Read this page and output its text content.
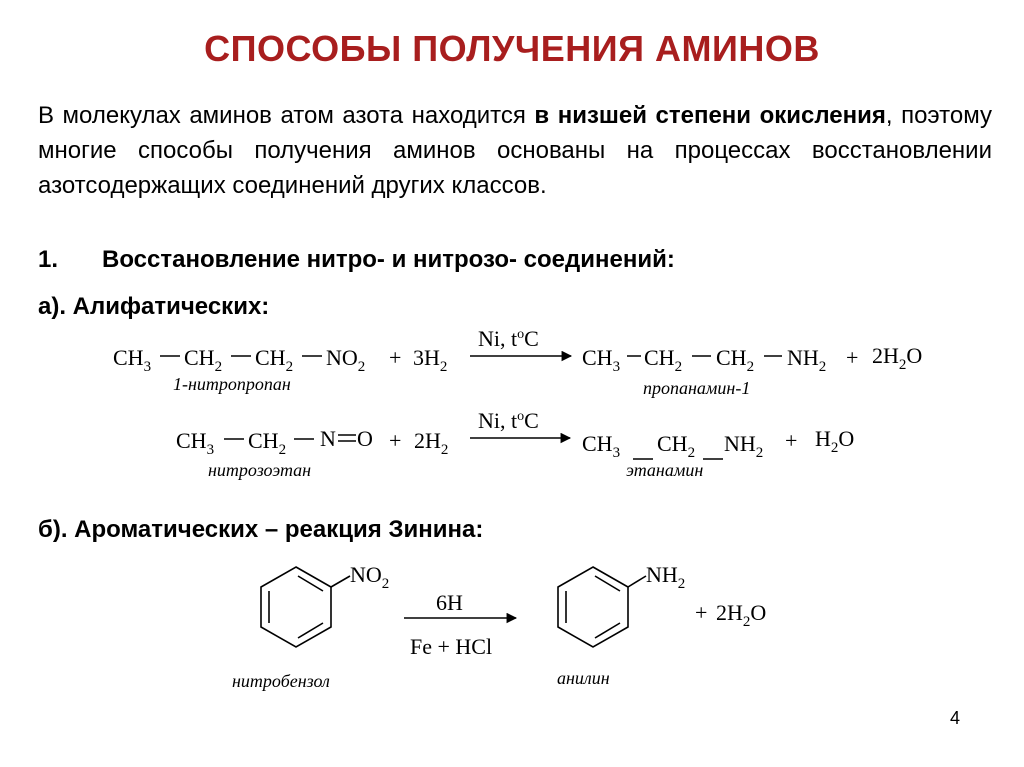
СПОСОБЫ ПОЛУЧЕНИЯ АМИНОВ
В молекулах аминов атом азота находится в низшей степени окисления, поэтому многие способы получения аминов основаны на процессах восстановлении азотсодержащих соединений других классов.
1. Восстановление нитро- и нитрозо- соединений:
а). Алифатических:
б). Ароматических – реакция Зинина:
$CH_3$ $CH_2$ $CH_2$ $NO_2 + 3H_2$
Ni, $t^oC$
$CH_3$ $CH_2$ $CH_2$ $NH_2 + 2H_2O$
1-нитропропан	пропанамин-1
$CH_3$ $CH_2$ N $O + 2H_2$
Ni, $t^oC$
$CH_3$ $CH_2$ $NH_2 + H_2O$
нитрозоэтан	этанамин
$NO_2$
6H
Fe + HCl
$NH_2$
+ $2H_2O$
нитробензол	анилин
4
